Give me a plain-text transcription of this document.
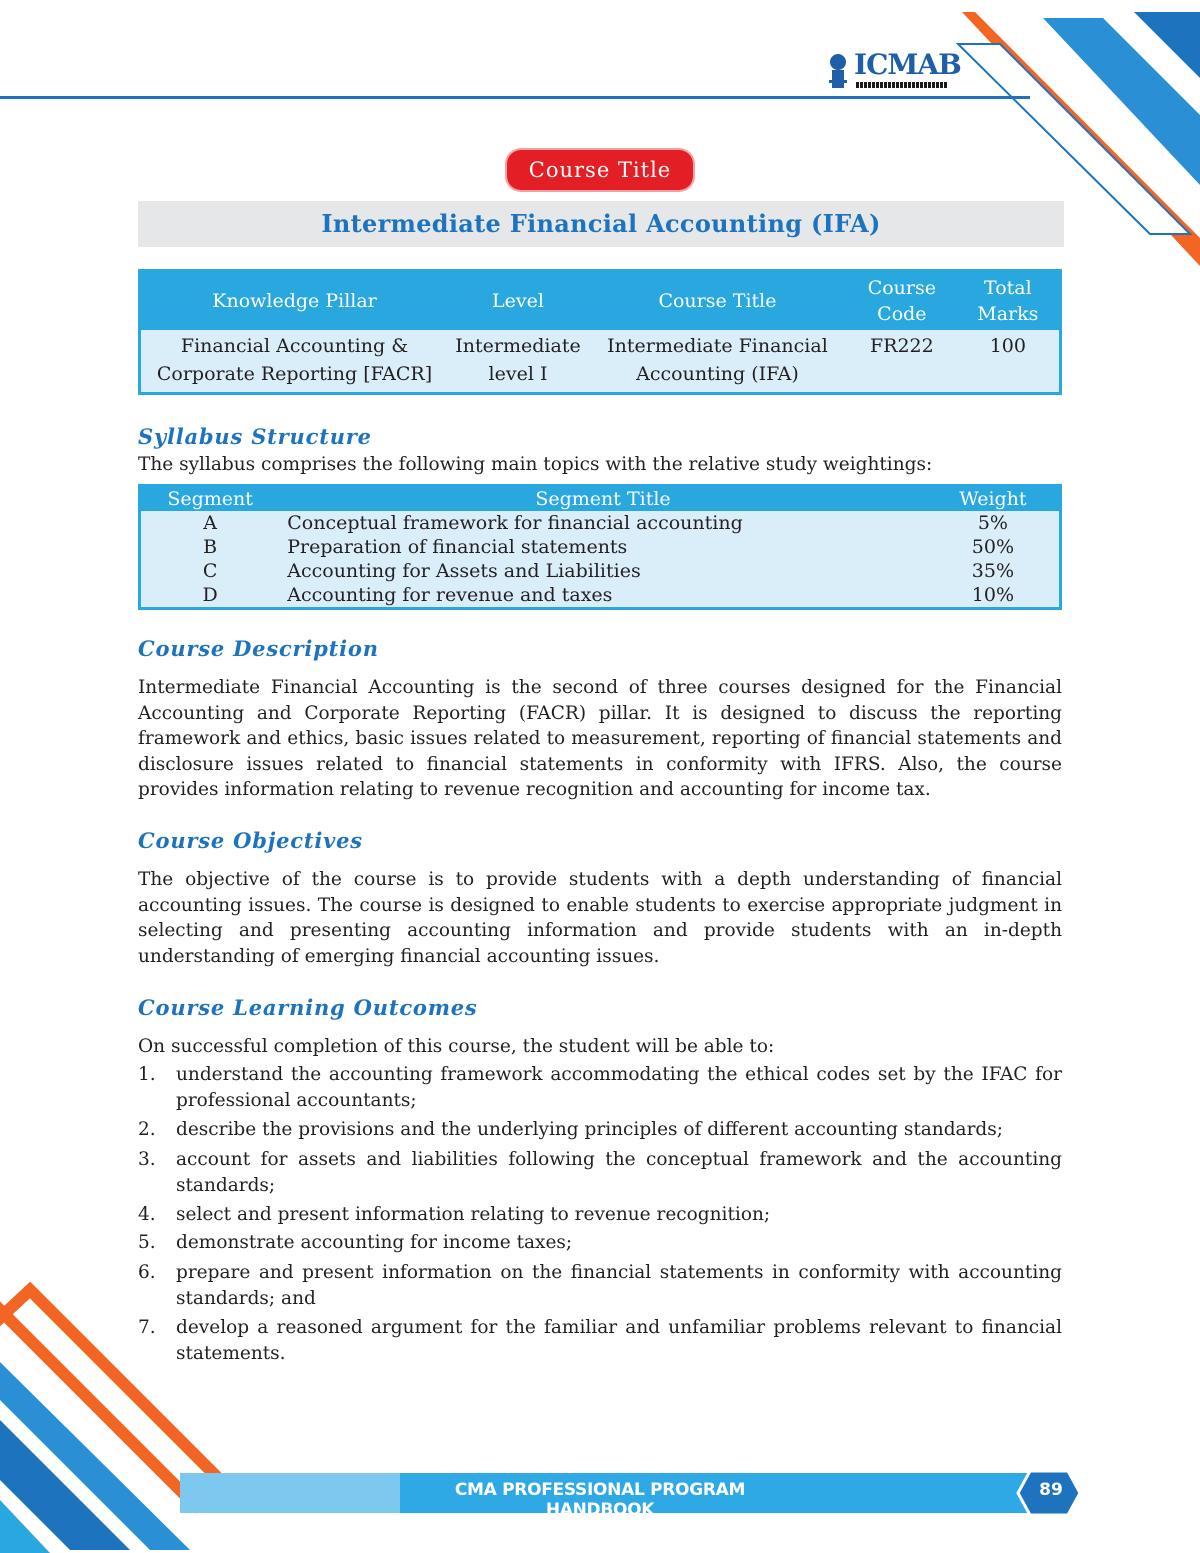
ICMAB
Course Title
Intermediate Financial Accounting (IFA)
Knowledge Pillar	Level	Course Title	Course Code	Total Marks
Financial Accounting & Corporate Reporting [FACR]	Intermediate level I	Intermediate Financial Accounting (IFA)	FR222	100
Syllabus Structure
The syllabus comprises the following main topics with the relative study weightings:
Segment	Segment Title	Weight
A	Conceptual framework for financial accounting	5%
B	Preparation of financial statements	50%
C	Accounting for Assets and Liabilities	35%
D	Accounting for revenue and taxes	10%
Course Description
Intermediate Financial Accounting is the second of three courses designed for the Financial Accounting and Corporate Reporting (FACR) pillar. It is designed to discuss the reporting framework and ethics, basic issues related to measurement, reporting of financial statements and disclosure issues related to financial statements in conformity with IFRS. Also, the course provides information relating to revenue recognition and accounting for income tax.
Course Objectives
The objective of the course is to provide students with a depth understanding of financial accounting issues. The course is designed to enable students to exercise appropriate judgment in selecting and presenting accounting information and provide students with an in-depth understanding of emerging financial accounting issues.
Course Learning Outcomes
On successful completion of this course, the student will be able to:
1. understand the accounting framework accommodating the ethical codes set by the IFAC for professional accountants;
2. describe the provisions and the underlying principles of different accounting standards;
3. account for assets and liabilities following the conceptual framework and the accounting standards;
4. select and present information relating to revenue recognition;
5. demonstrate accounting for income taxes;
6. prepare and present information on the financial statements in conformity with accounting standards; and
7. develop a reasoned argument for the familiar and unfamiliar problems relevant to financial statements.
CMA PROFESSIONAL PROGRAM HANDBOOK
89
